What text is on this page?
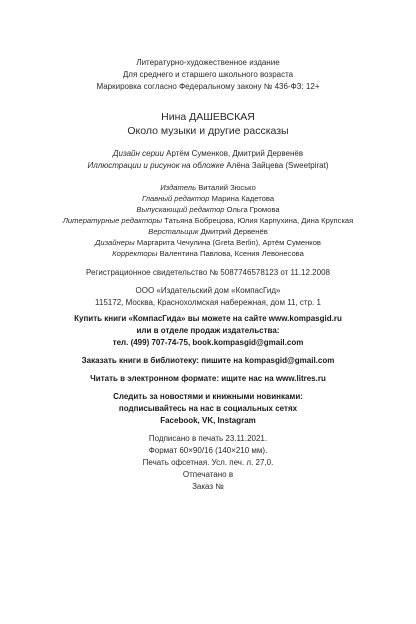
Литературно-художественное издание
Для среднего и старшего школьного возраста
Маркировка согласно Федеральному закону № 436-ФЗ: 12+
Нина ДАШЕВСКАЯ
Около музыки и другие рассказы
Дизайн серии Артём Суменков, Дмитрий Дервенёв
Иллюстрации и рисунок на обложке Алёна Зайцева (Sweetpirat)
Издатель Виталий Зюсько
Главный редактор Марина Кадетова
Выпускающий редактор Ольга Громова
Литературные редакторы Татьяна Бобрецова, Юлия Карпухина, Дина Крупская
Верстальщик Дмитрий Дервенёв
Дизайнеры Маргарита Чечулина (Greta Berlin), Артём Суменков
Корректоры Валентина Павлова, Ксения Левонесова
Регистрационное свидетельство № 5087746578123 от 11.12.2008
ООО «Издательский дом «КомпасГид»
115172, Москва, Краснохолмская набережная, дом 11, стр. 1
Купить книги «КомпасГида» вы можете на сайте www.kompasgid.ru
или в отделе продаж издательства:
тел. (499) 707-74-75, book.kompasgid@gmail.com
Заказать книги в библиотеку: пишите на kompasgid@gmail.com
Читать в электронном формате: ищите нас на www.litres.ru
Следить за новостями и книжными новинками:
подписывайтесь на нас в социальных сетях
Facebook, VK, Instagram
Подписано в печать 23.11.2021.
Формат 60×90/16 (140×210 мм).
Печать офсетная. Усл. печ. л. 27,0.
Отпечатано в
Заказ №
